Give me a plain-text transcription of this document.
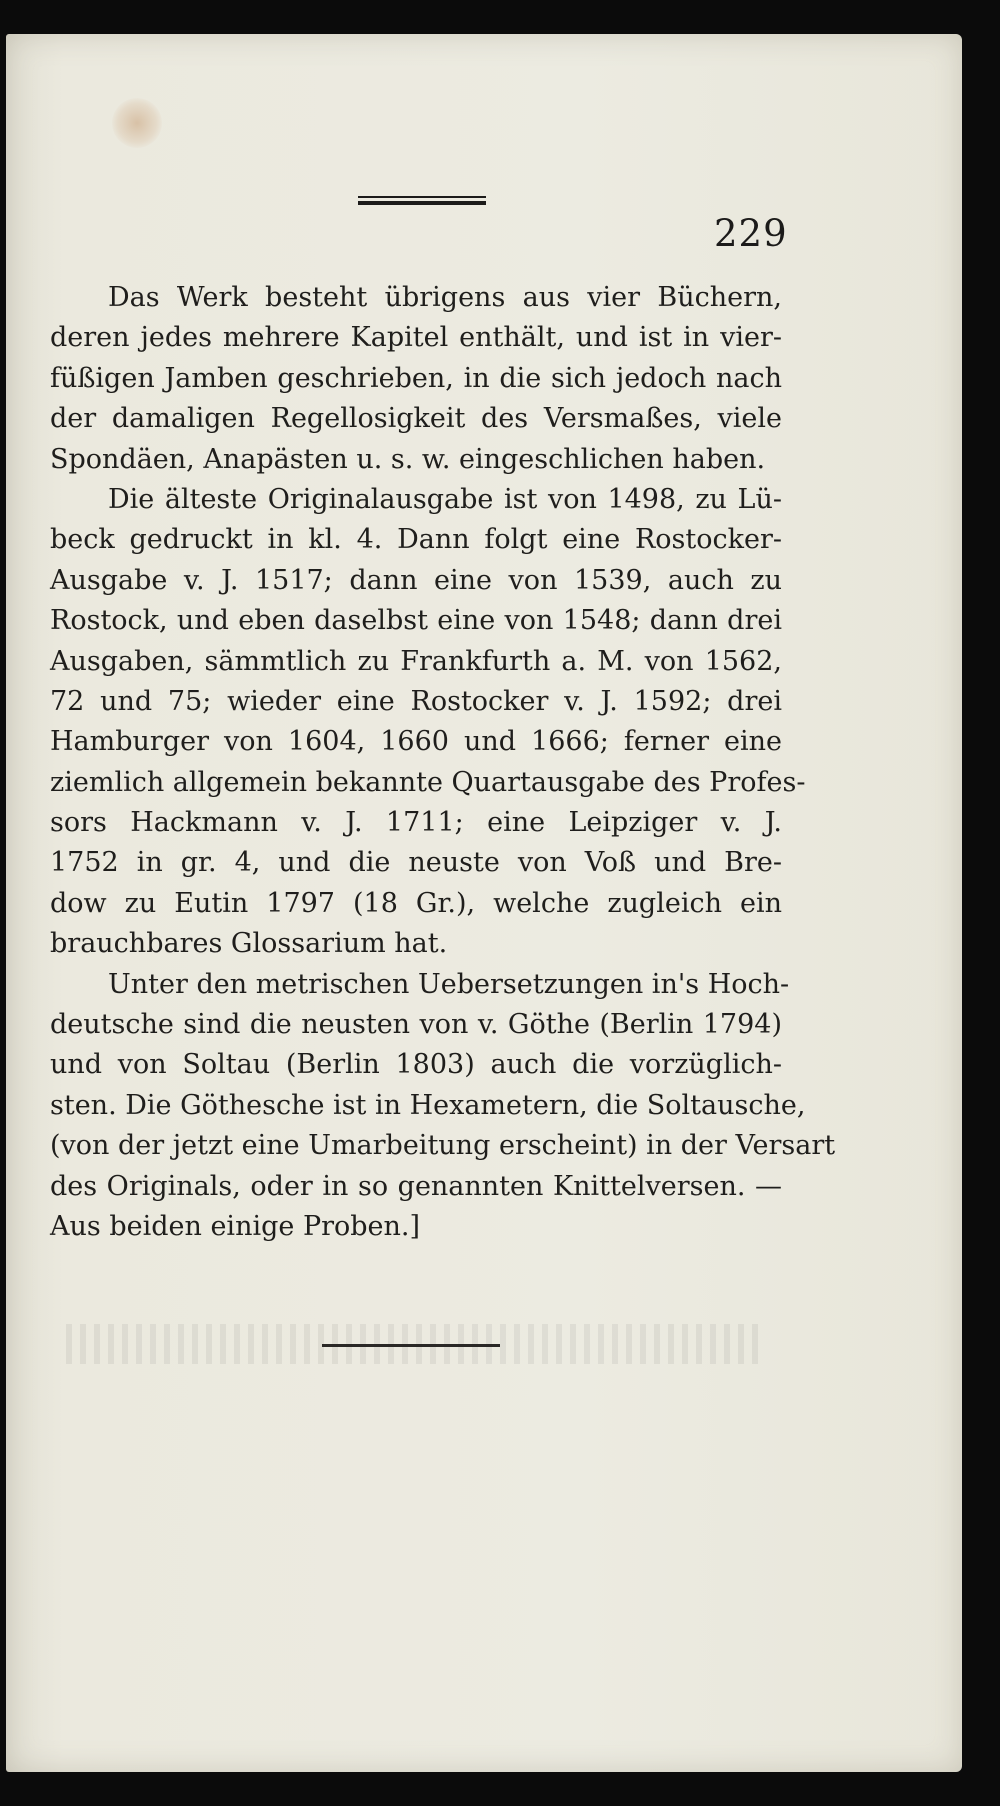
229
Das Werk besteht übrigens aus vier Büchern,
deren jedes mehrere Kapitel enthält, und ist in vier-
füßigen Jamben geschrieben, in die sich jedoch nach
der damaligen Regellosigkeit des Versmaßes, viele
Spondäen, Anapästen u. s. w. eingeschlichen haben.
Die älteste Originalausgabe ist von 1498, zu Lü-
beck gedruckt in kl. 4. Dann folgt eine Rostocker-
Ausgabe v. J. 1517; dann eine von 1539, auch zu
Rostock, und eben daselbst eine von 1548; dann drei
Ausgaben, sämmtlich zu Frankfurth a. M. von 1562,
72 und 75; wieder eine Rostocker v. J. 1592; drei
Hamburger von 1604, 1660 und 1666; ferner eine
ziemlich allgemein bekannte Quartausgabe des Profes-
sors Hackmann v. J. 1711; eine Leipziger v. J.
1752 in gr. 4, und die neuste von Voß und Bre-
dow zu Eutin 1797 (18 Gr.), welche zugleich ein
brauchbares Glossarium hat.
Unter den metrischen Uebersetzungen in's Hoch-
deutsche sind die neusten von v. Göthe (Berlin 1794)
und von Soltau (Berlin 1803) auch die vorzüglich-
sten. Die Göthesche ist in Hexametern, die Soltausche,
(von der jetzt eine Umarbeitung erscheint) in der Versart
des Originals, oder in so genannten Knittelversen. —
Aus beiden einige Proben.]
